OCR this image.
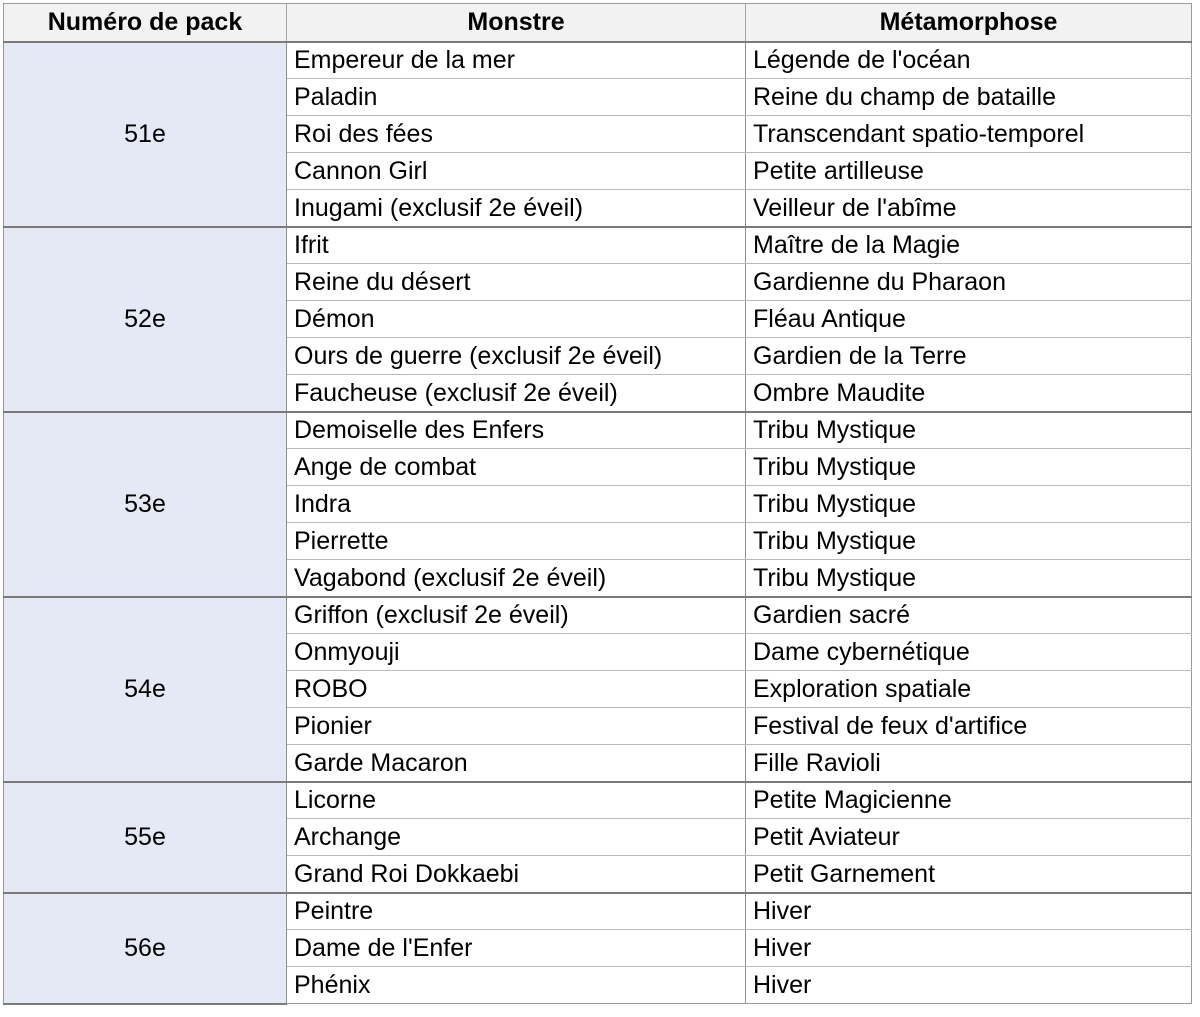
Numéro de pack	Monstre	Métamorphose
51e	Empereur de la mer	Légende de l'océan
	Paladin	Reine du champ de bataille
	Roi des fées	Transcendant spatio-temporel
	Cannon Girl	Petite artilleuse
	Inugami (exclusif 2e éveil)	Veilleur de l'abîme
52e	Ifrit	Maître de la Magie
	Reine du désert	Gardienne du Pharaon
	Démon	Fléau Antique
	Ours de guerre (exclusif 2e éveil)	Gardien de la Terre
	Faucheuse (exclusif 2e éveil)	Ombre Maudite
53e	Demoiselle des Enfers	Tribu Mystique
	Ange de combat	Tribu Mystique
	Indra	Tribu Mystique
	Pierrette	Tribu Mystique
	Vagabond (exclusif 2e éveil)	Tribu Mystique
54e	Griffon (exclusif 2e éveil)	Gardien sacré
	Onmyouji	Dame cybernétique
	ROBO	Exploration spatiale
	Pionier	Festival de feux d'artifice
	Garde Macaron	Fille Ravioli
55e	Licorne	Petite Magicienne
	Archange	Petit Aviateur
	Grand Roi Dokkaebi	Petit Garnement
56e	Peintre	Hiver
	Dame de l'Enfer	Hiver
	Phénix	Hiver
